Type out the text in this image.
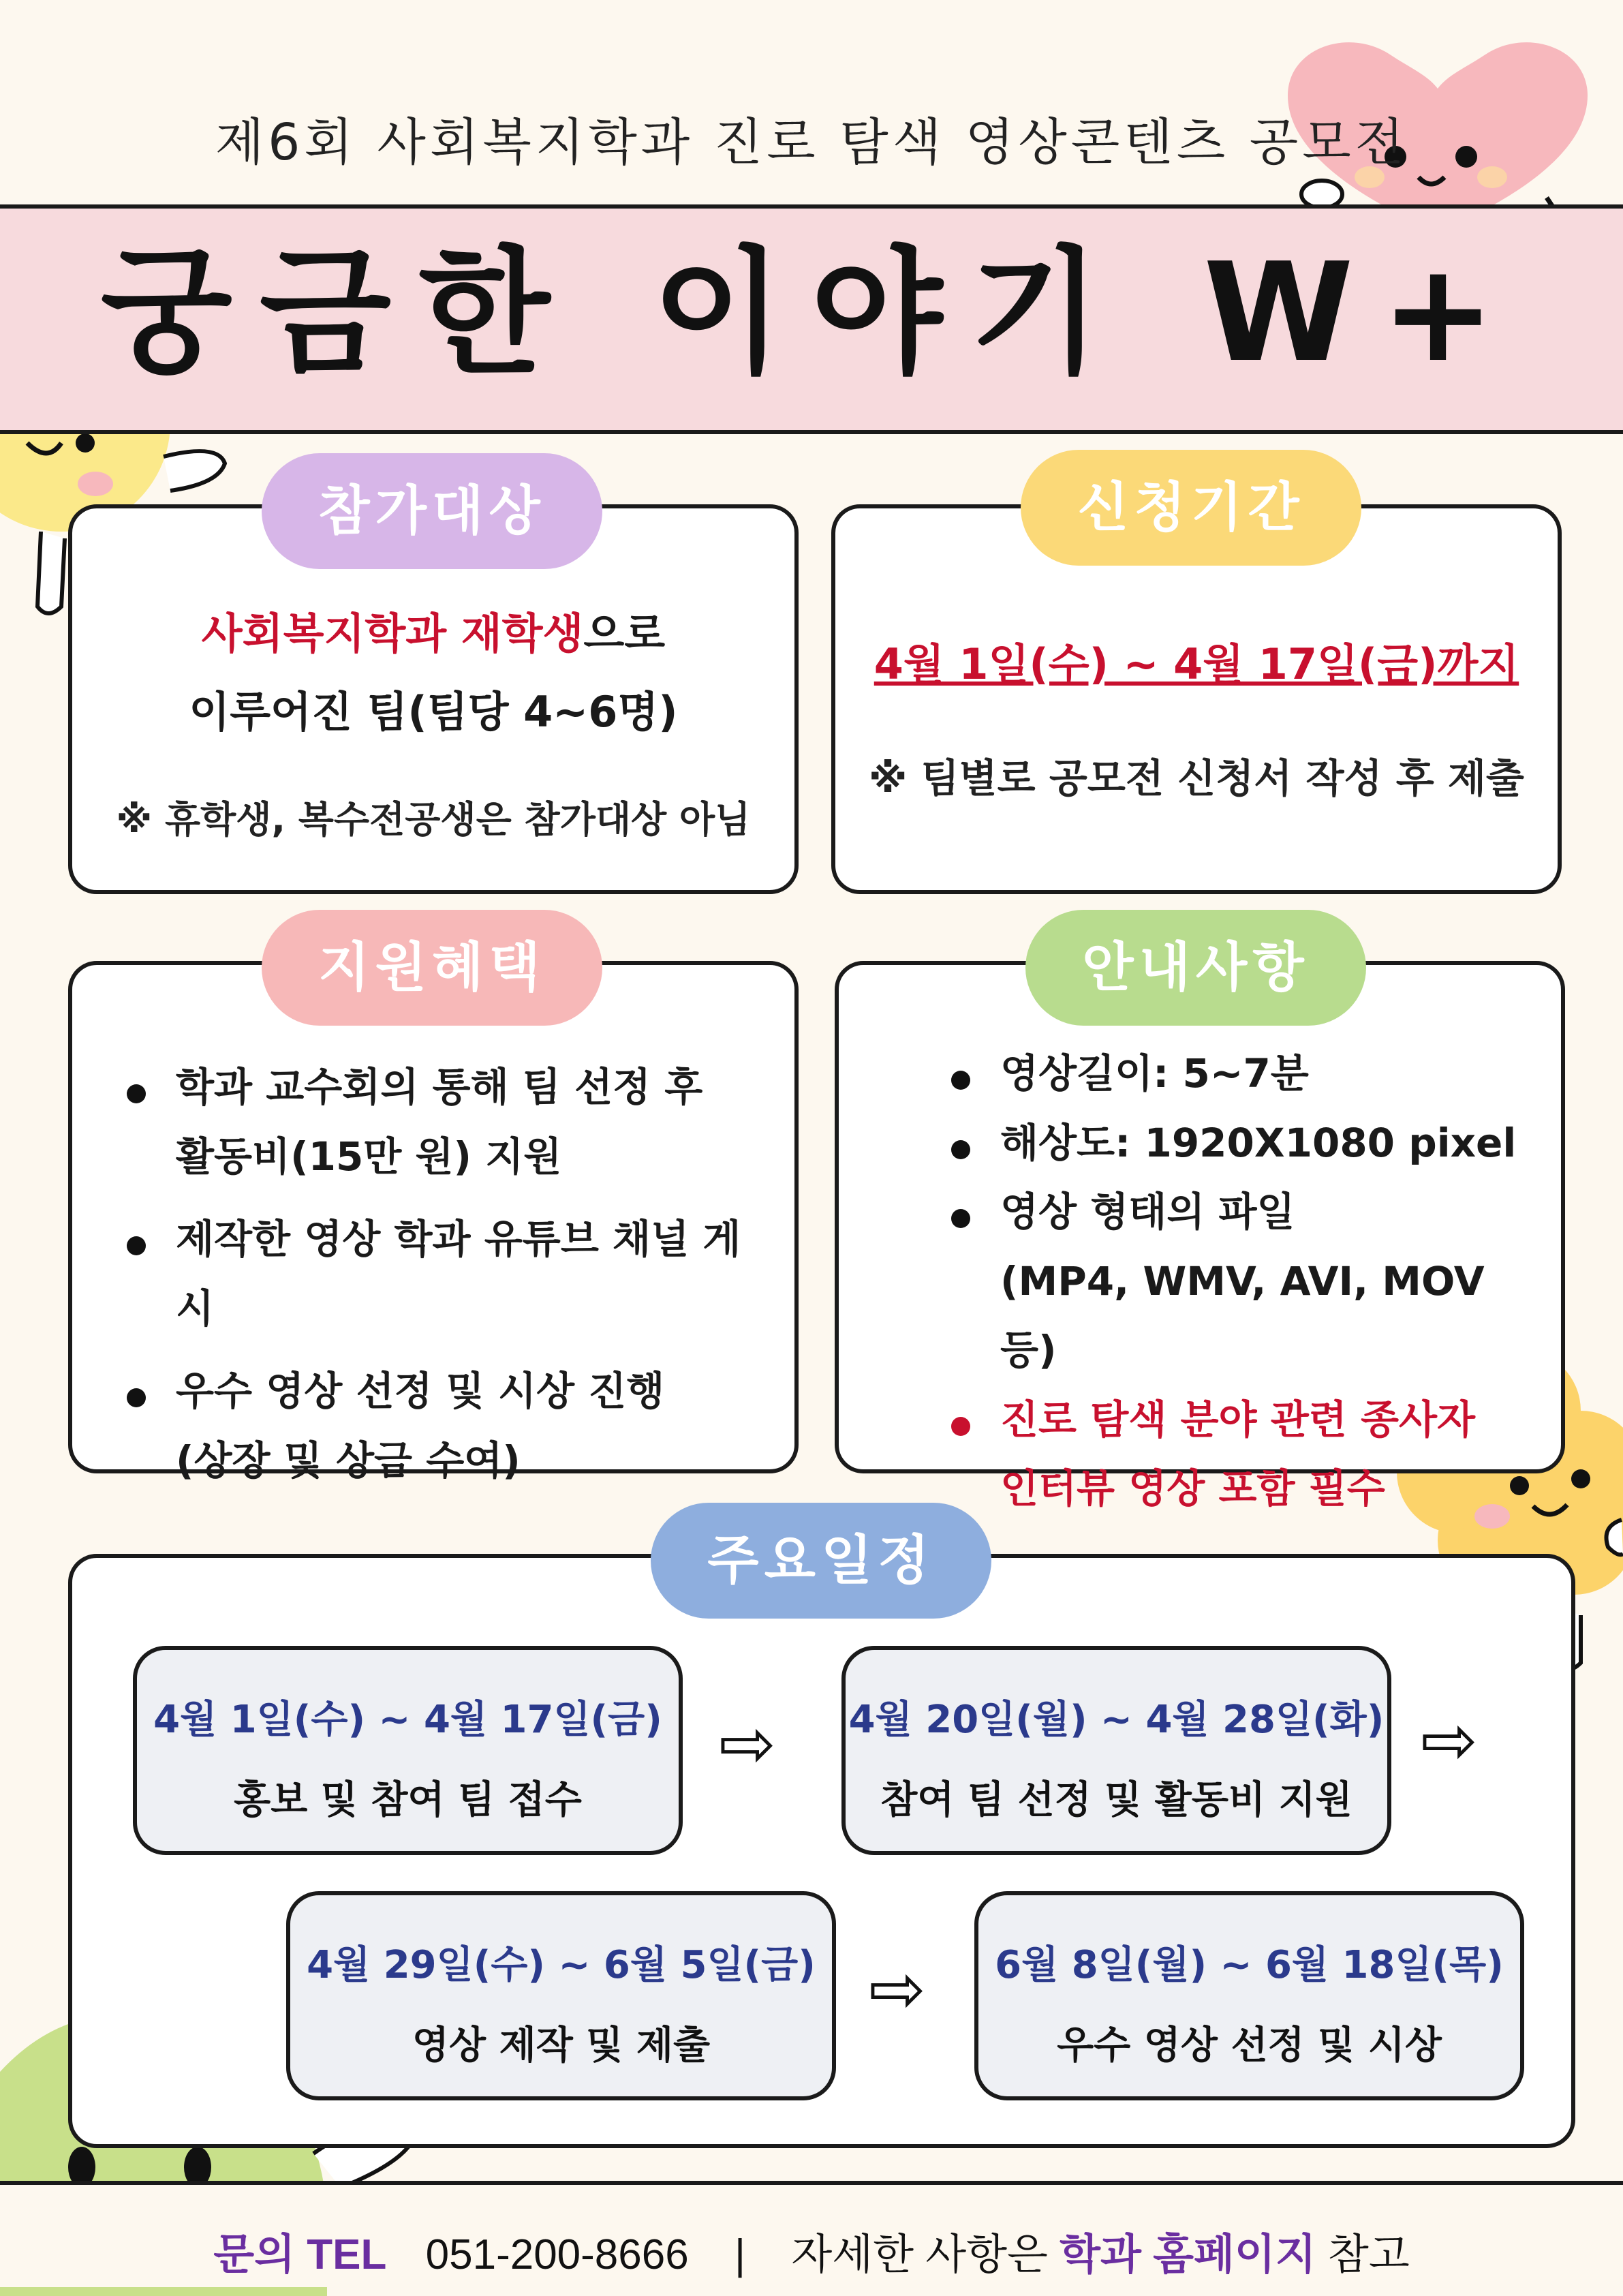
제6회 사회복지학과 진로 탐색 영상콘텐츠 공모전
궁금한 이야기 W+
참가대상
사회복지학과 재학생으로
이루어진 팀(팀당 4~6명)
※ 휴학생, 복수전공생은 참가대상 아님
신청기간
4월 1일(수) ~ 4월 17일(금)까지
※ 팀별로 공모전 신청서 작성 후 제출
지원혜택
학과 교수회의 통해 팀 선정 후
활동비(15만 원) 지원
제작한 영상 학과 유튜브 채널 게시
우수 영상 선정 및 시상 진행
(상장 및 상금 수여)
안내사항
영상길이: 5~7분
해상도: 1920X1080 pixel
영상 형태의 파일
(MP4, WMV, AVI, MOV 등)
진로 탐색 분야 관련 종사자
인터뷰 영상 포함 필수
주요일정
4월 1일(수) ~ 4월 17일(금)
홍보 및 참여 팀 접수
⇨ 4월 20일(월) ~ 4월 28일(화)
참여 팀 선정 및 활동비 지원
⇨
4월 29일(수) ~ 6월 5일(금)
영상 제작 및 제출
⇨	6월 8일(월) ~ 6월 18일(목)
우수 영상 선정 및 시상
문의 TEL 051-200-8666 | 자세한 사항은 학과 홈페이지 참고
